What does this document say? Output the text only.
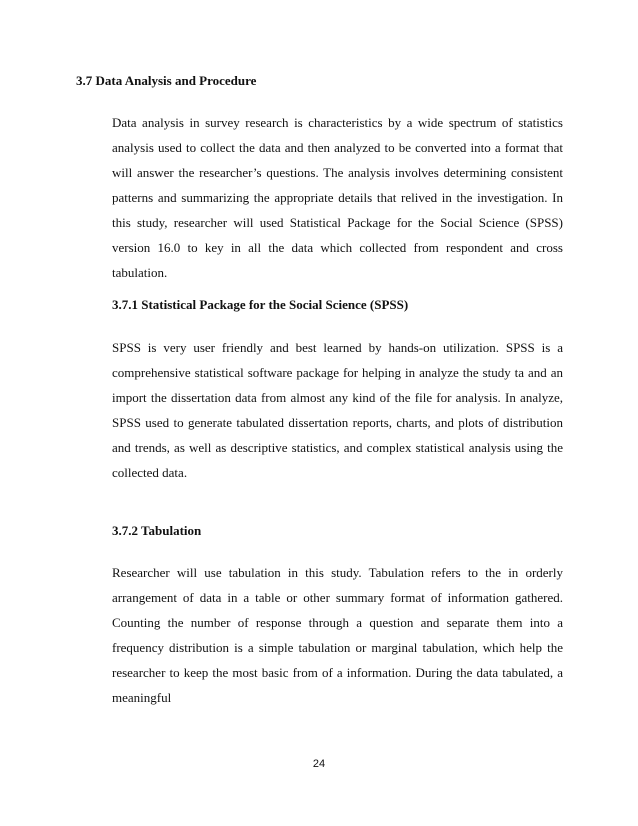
3.7 Data Analysis and Procedure

Data analysis in survey research is characteristics by a wide spectrum of statistics analysis used to collect the data and then analyzed to be converted into a format that will answer the researcher’s questions. The analysis involves determining consistent patterns and summarizing the appropriate details that relived in the investigation. In this study, researcher will used Statistical Package for the Social Science (SPSS) version 16.0 to key in all the data which collected from respondent and cross tabulation.

3.7.1 Statistical Package for the Social Science (SPSS)

SPSS is very user friendly and best learned by hands-on utilization. SPSS is a comprehensive statistical software package for helping in analyze the study ta and an import the dissertation data from almost any kind of the file for analysis. In analyze, SPSS used to generate tabulated dissertation reports, charts, and plots of distribution and trends, as well as descriptive statistics, and complex statistical analysis using the collected data.

3.7.2 Tabulation

Researcher will use tabulation in this study. Tabulation refers to the in orderly arrangement of data in a table or other summary format of information gathered. Counting the number of response through a question and separate them into a frequency distribution is a simple tabulation or marginal tabulation, which help the researcher to keep the most basic from of a information. During the data tabulated, a meaningful

24
